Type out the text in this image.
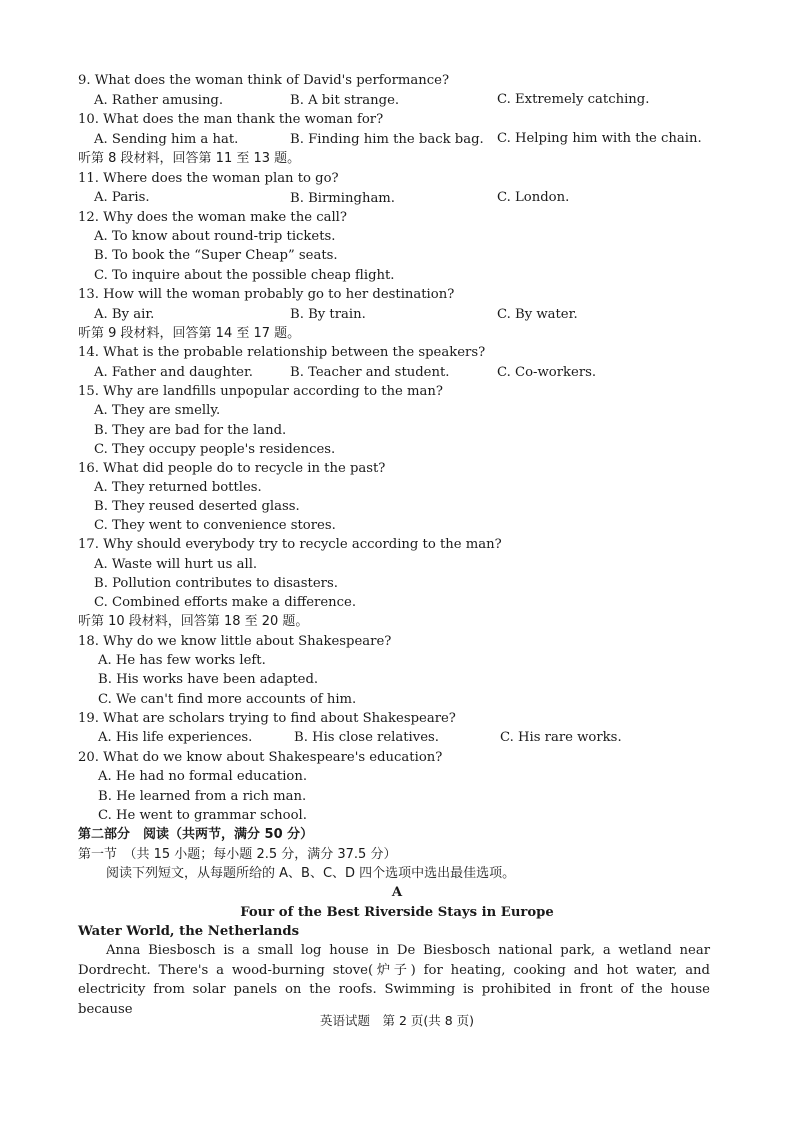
9. What does the woman think of David's performance?
A. Rather amusing.	B. A bit strange.	C. Extremely catching.
10. What does the man thank the woman for?
A. Sending him a hat.	B. Finding him the back bag. C. Helping him with the chain.
听第 8 段材料，回答第 11 至 13 题。
11. Where does the woman plan to go?
A. Paris.	B. Birmingham.	C. London.
12. Why does the woman make the call?
A. To know about round-trip tickets.
B. To book the “Super Cheap” seats.
C. To inquire about the possible cheap flight.
13. How will the woman probably go to her destination?
A. By air.	B. By train.	C. By water.
听第 9 段材料，回答第 14 至 17 题。
14. What is the probable relationship between the speakers?
A. Father and daughter.	B. Teacher and student.	C. Co-workers.
15. Why are landfills unpopular according to the man?
A. They are smelly.
B. They are bad for the land.
C. They occupy people's residences.
16. What did people do to recycle in the past?
A. They returned bottles.
B. They reused deserted glass.
C. They went to convenience stores.
17. Why should everybody try to recycle according to the man?
A. Waste will hurt us all.
B. Pollution contributes to disasters.
C. Combined efforts make a difference.
听第 10 段材料，回答第 18 至 20 题。
18. Why do we know little about Shakespeare?
A. He has few works left.
B. His works have been adapted.
C. We can't find more accounts of him.
19. What are scholars trying to find about Shakespeare?
A. His life experiences.	B. His close relatives.	C. His rare works.
20. What do we know about Shakespeare's education?
A. He had no formal education.
B. He learned from a rich man.
C. He went to grammar school.
第二部分　阅读（共两节，满分 50 分）
第一节　（共 15 小题；每小题 2.5 分，满分 37.5 分）
阅读下列短文，从每题所给的 A、B、C、D 四个选项中选出最佳选项。
A
Four of the Best Riverside Stays in Europe
Water World, the Netherlands
Anna Biesbosch is a small log house in De Biesbosch national park, a wetland near Dordrecht. There's a wood-burning stove(炉子) for heating, cooking and hot water, and electricity from solar panels on the roofs. Swimming is prohibited in front of the house because
英语试题　第 2 页(共 8 页)
